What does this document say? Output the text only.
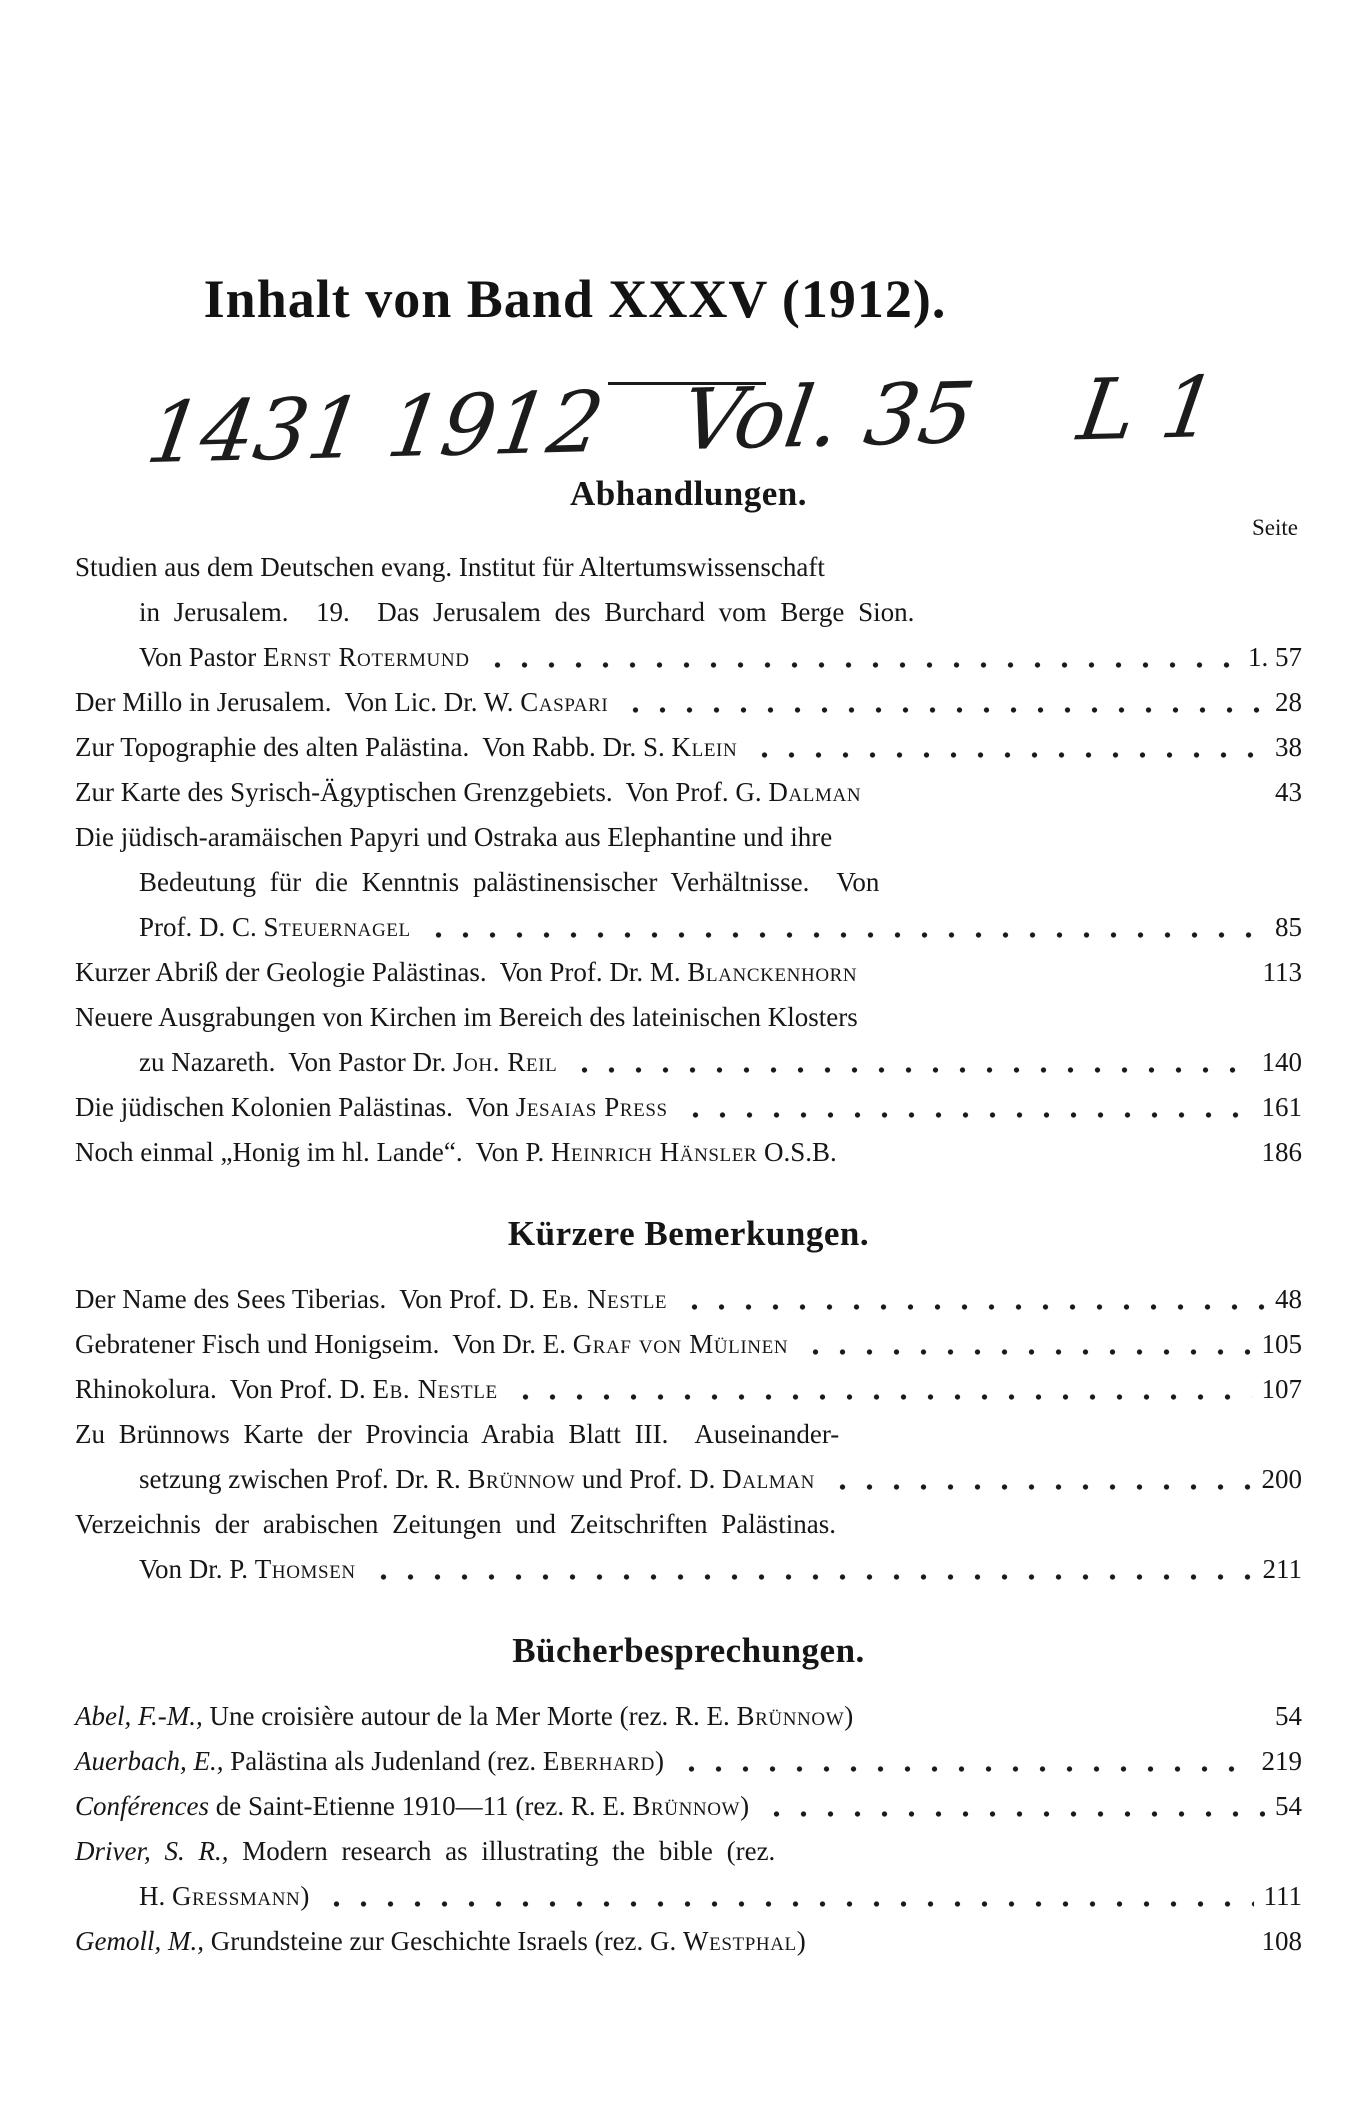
Inhalt von Band XXXV (1912).
1431 1912   Vol. 35    L 1
Abhandlungen.
Seite
Studien aus dem Deutschen evang. Institut für Altertumswissenschaft
in Jerusalem.  19.  Das Jerusalem des Burchard vom Berge Sion.
Von Pastor Ernst Rotermund	1. 57
Der Millo in Jerusalem.  Von Lic. Dr. W. Caspari	28
Zur Topographie des alten Palästina.  Von Rabb. Dr. S. Klein	38
Zur Karte des Syrisch-Ägyptischen Grenzgebiets.  Von Prof. G. Dalman	43
Die jüdisch-aramäischen Papyri und Ostraka aus Elephantine und ihre
Bedeutung für die Kenntnis palästinensischer Verhältnisse.  Von
Prof. D. C. Steuernagel	85
Kurzer Abriß der Geologie Palästinas.  Von Prof. Dr. M. Blanckenhorn	113
Neuere Ausgrabungen von Kirchen im Bereich des lateinischen Klosters
zu Nazareth.  Von Pastor Dr. Joh. Reil	140
Die jüdischen Kolonien Palästinas.  Von Jesaias Press	161
Noch einmal „Honig im hl. Lande“.  Von P. Heinrich Hänsler O.S.B.	186
Kürzere Bemerkungen.
Der Name des Sees Tiberias.  Von Prof. D. Eb. Nestle	48
Gebratener Fisch und Honigseim.  Von Dr. E. Graf von Mülinen	105
Rhinokolura.  Von Prof. D. Eb. Nestle	107
Zu Brünnows Karte der Provincia Arabia Blatt III.  Auseinander-
setzung zwischen Prof. Dr. R. Brünnow und Prof. D. Dalman	200
Verzeichnis der arabischen Zeitungen und Zeitschriften Palästinas.
Von Dr. P. Thomsen	211
Bücherbesprechungen.
Abel, F.-M., Une croisière autour de la Mer Morte (rez. R. E. Brünnow)	54
Auerbach, E., Palästina als Judenland (rez. Eberhard)	219
Conférences de Saint-Etienne 1910—11 (rez. R. E. Brünnow)	54
Driver, S. R., Modern research as illustrating the bible (rez.
H. Gressmann)	111
Gemoll, M., Grundsteine zur Geschichte Israels (rez. G. Westphal)	108
